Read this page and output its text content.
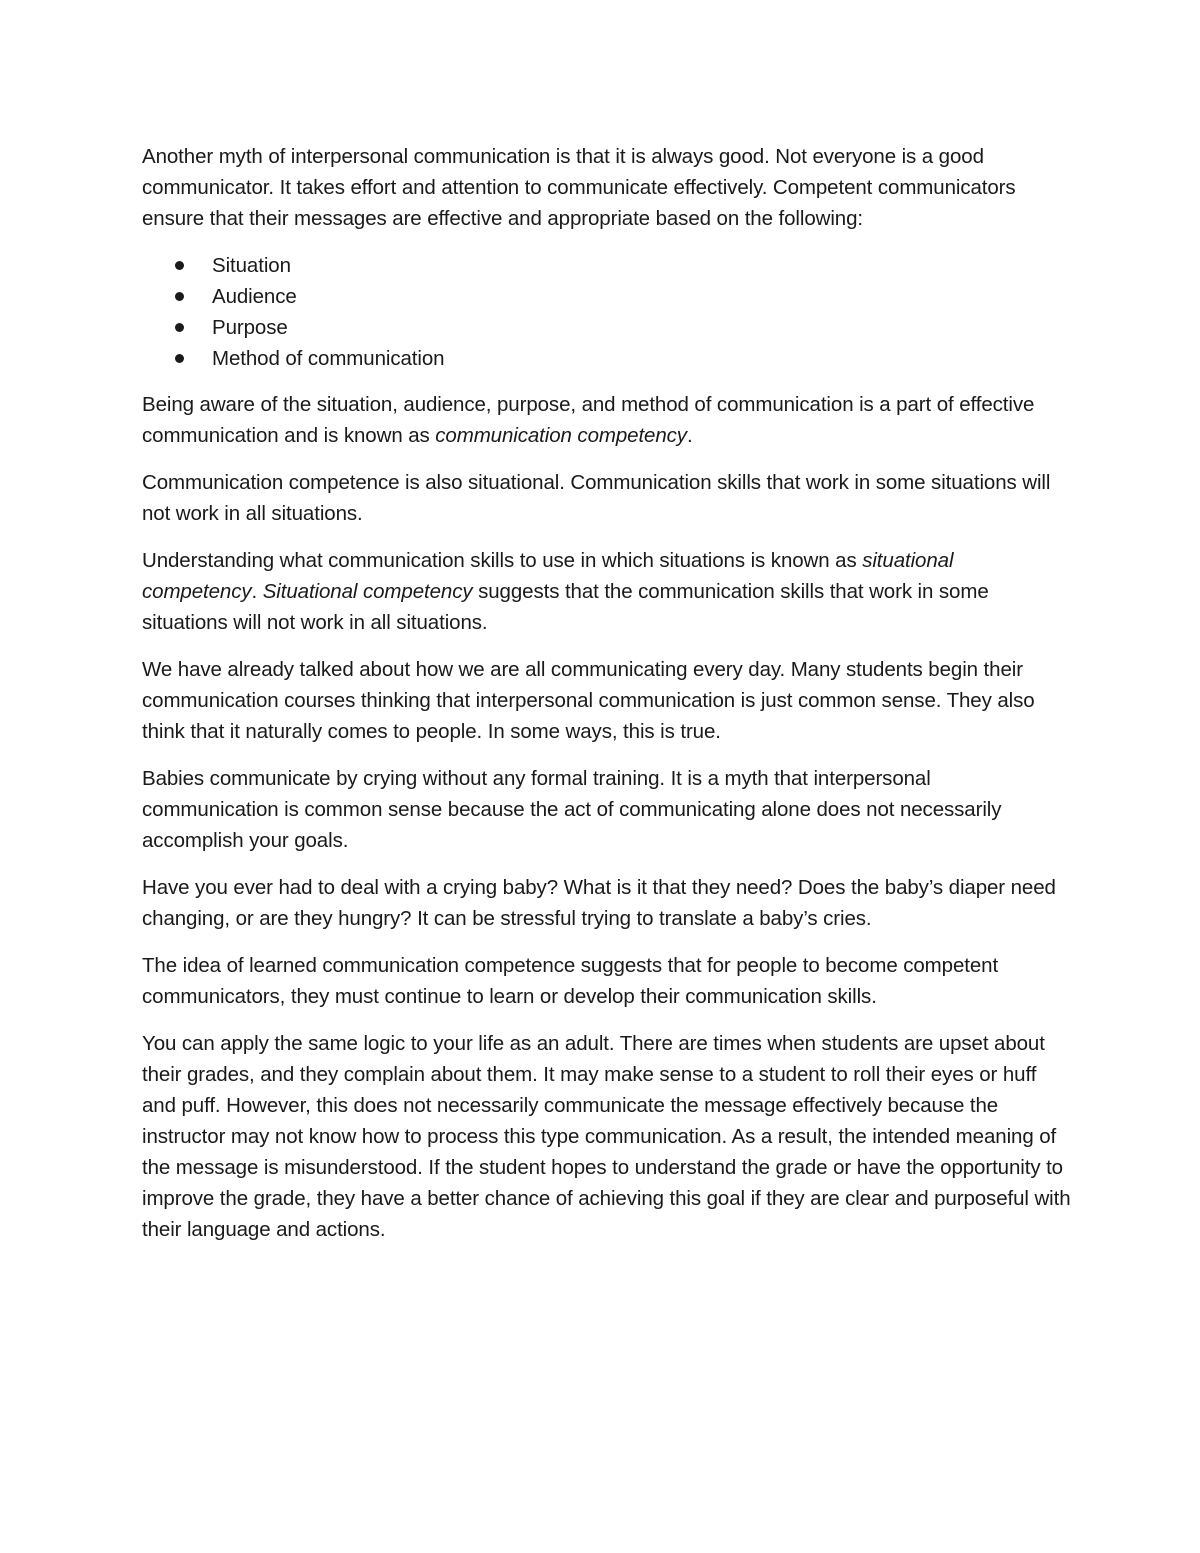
Another myth of interpersonal communication is that it is always good. Not everyone is a good communicator. It takes effort and attention to communicate effectively. Competent communicators ensure that their messages are effective and appropriate based on the following:

Situation
Audience
Purpose
Method of communication

Being aware of the situation, audience, purpose, and method of communication is a part of effective communication and is known as communication competency.

Communication competence is also situational. Communication skills that work in some situations will not work in all situations.

Understanding what communication skills to use in which situations is known as situational competency. Situational competency suggests that the communication skills that work in some situations will not work in all situations.

We have already talked about how we are all communicating every day. Many students begin their communication courses thinking that interpersonal communication is just common sense. They also think that it naturally comes to people. In some ways, this is true.

Babies communicate by crying without any formal training. It is a myth that interpersonal communication is common sense because the act of communicating alone does not necessarily accomplish your goals.

Have you ever had to deal with a crying baby? What is it that they need? Does the baby’s diaper need changing, or are they hungry? It can be stressful trying to translate a baby’s cries.

The idea of learned communication competence suggests that for people to become competent communicators, they must continue to learn or develop their communication skills.

You can apply the same logic to your life as an adult. There are times when students are upset about their grades, and they complain about them. It may make sense to a student to roll their eyes or huff and puff. However, this does not necessarily communicate the message effectively because the instructor may not know how to process this type communication. As a result, the intended meaning of the message is misunderstood. If the student hopes to understand the grade or have the opportunity to improve the grade, they have a better chance of achieving this goal if they are clear and purposeful with their language and actions.
